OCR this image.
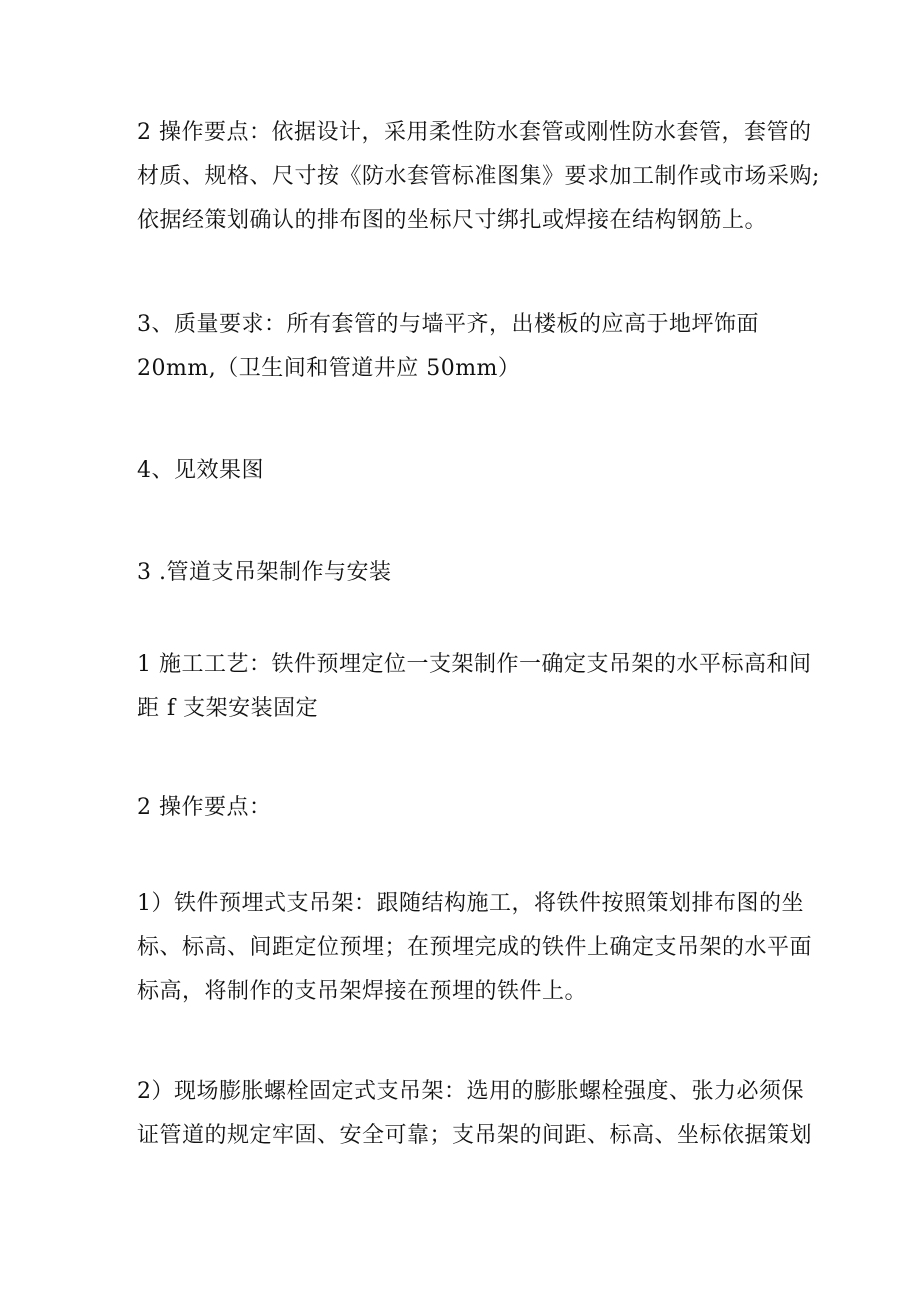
2 操作要点：依据设计，采用柔性防水套管或刚性防水套管，套管的
材质、规格、尺寸按《防水套管标准图集》要求加工制作或市场采购;
依据经策划确认的排布图的坐标尺寸绑扎或焊接在结构钢筋上。

3、质量要求：所有套管的与墙平齐，出楼板的应高于地坪饰面
20mm,（卫生间和管道井应 50mm）

4、见效果图

3 .管道支吊架制作与安装

1 施工工艺：铁件预埋定位一支架制作一确定支吊架的水平标高和间
距 f 支架安装固定

2 操作要点：

1）铁件预埋式支吊架：跟随结构施工，将铁件按照策划排布图的坐
标、标高、间距定位预埋；在预埋完成的铁件上确定支吊架的水平面
标高，将制作的支吊架焊接在预埋的铁件上。

2）现场膨胀螺栓固定式支吊架：选用的膨胀螺栓强度、张力必须保
证管道的规定牢固、安全可靠；支吊架的间距、标高、坐标依据策划
